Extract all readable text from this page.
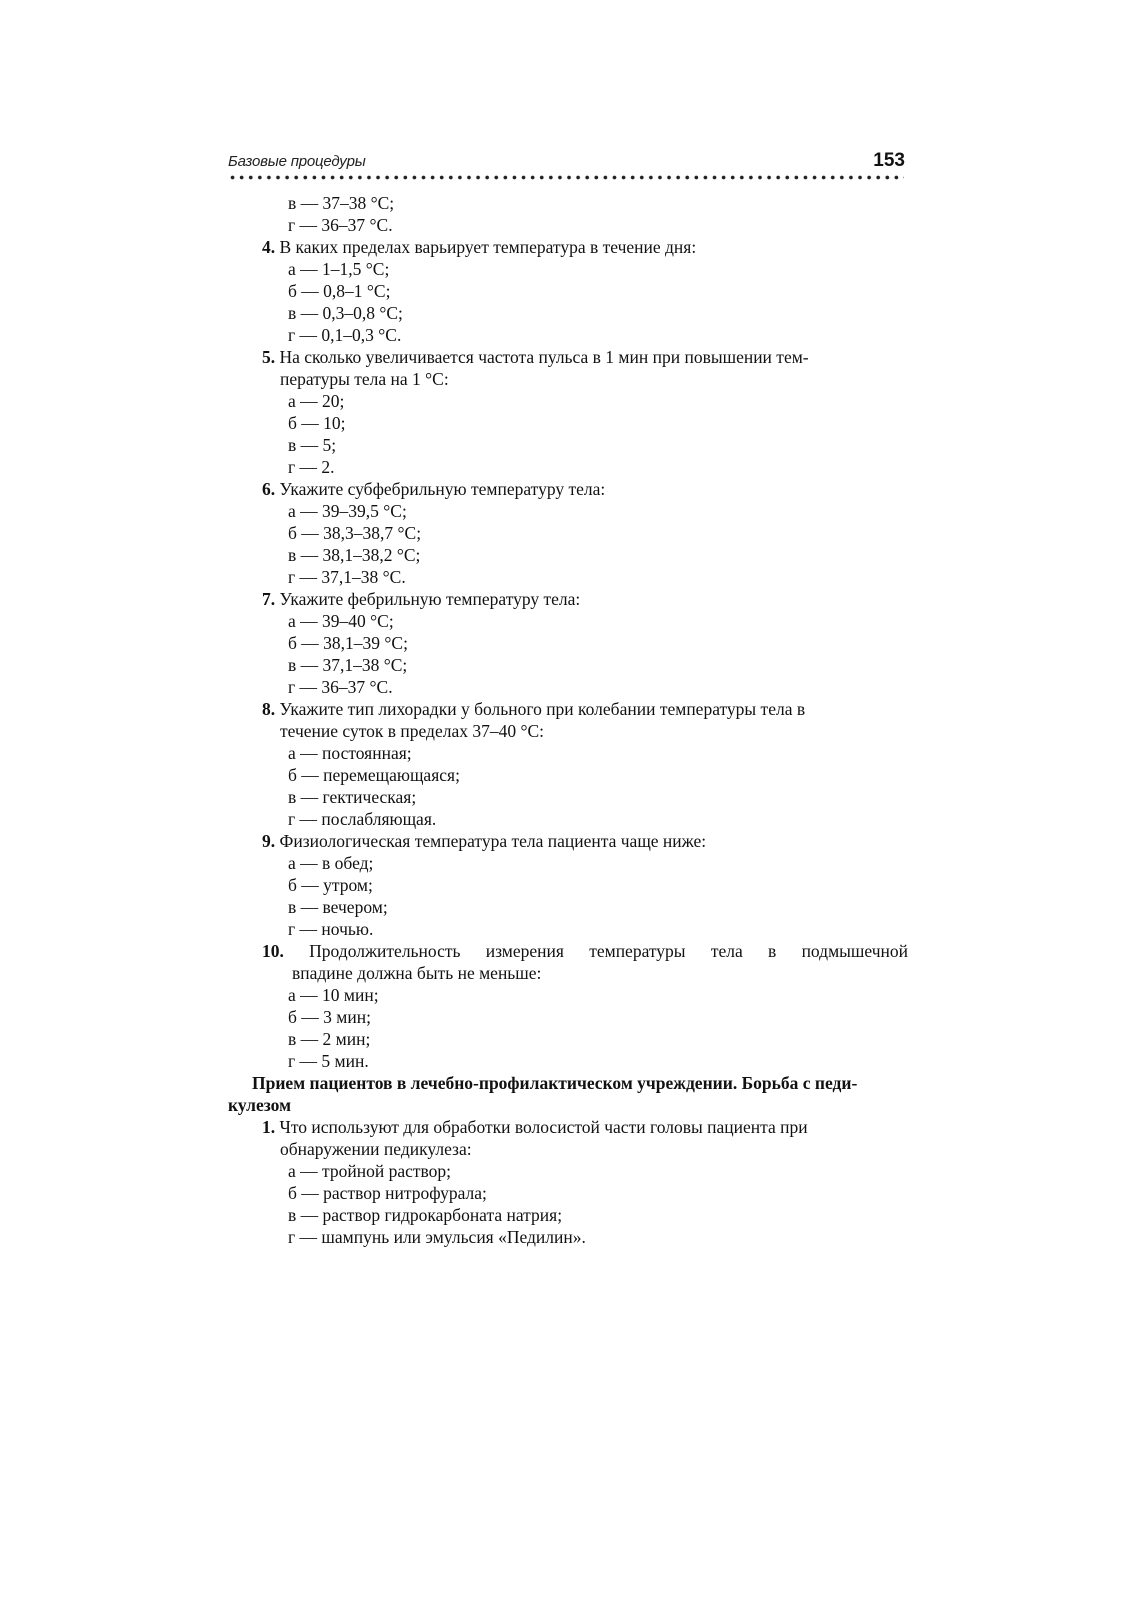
Базовые процедуры	153
в — 37–38 °С;
г — 36–37 °С.
4. В каких пределах варьирует температура в течение дня:
а — 1–1,5 °С;
б — 0,8–1 °С;
в — 0,3–0,8 °С;
г — 0,1–0,3 °С.
5. На сколько увеличивается частота пульса в 1 мин при повышении тем-
пературы тела на 1 °С:
а — 20;
б — 10;
в — 5;
г — 2.
6. Укажите субфебрильную температуру тела:
а — 39–39,5 °С;
б — 38,3–38,7 °С;
в — 38,1–38,2 °С;
г — 37,1–38 °С.
7. Укажите фебрильную температуру тела:
а — 39–40 °С;
б — 38,1–39 °С;
в — 37,1–38 °С;
г — 36–37 °С.
8. Укажите тип лихорадки у больного при колебании температуры тела в
течение суток в пределах 37–40 °С:
а — постоянная;
б — перемещающаяся;
в — гектическая;
г — послабляющая.
9. Физиологическая температура тела пациента чаще ниже:
а — в обед;
б — утром;
в — вечером;
г — ночью.
10. Продолжительность измерения температуры тела в подмышечной
впадине должна быть не меньше:
а — 10 мин;
б — 3 мин;
в — 2 мин;
г — 5 мин.
Прием пациентов в лечебно-профилактическом учреждении. Борьба с педи-
кулезом
1. Что используют для обработки волосистой части головы пациента при
обнаружении педикулеза:
а — тройной раствор;
б — раствор нитрофурала;
в — раствор гидрокарбоната натрия;
г — шампунь или эмульсия «Педилин».
